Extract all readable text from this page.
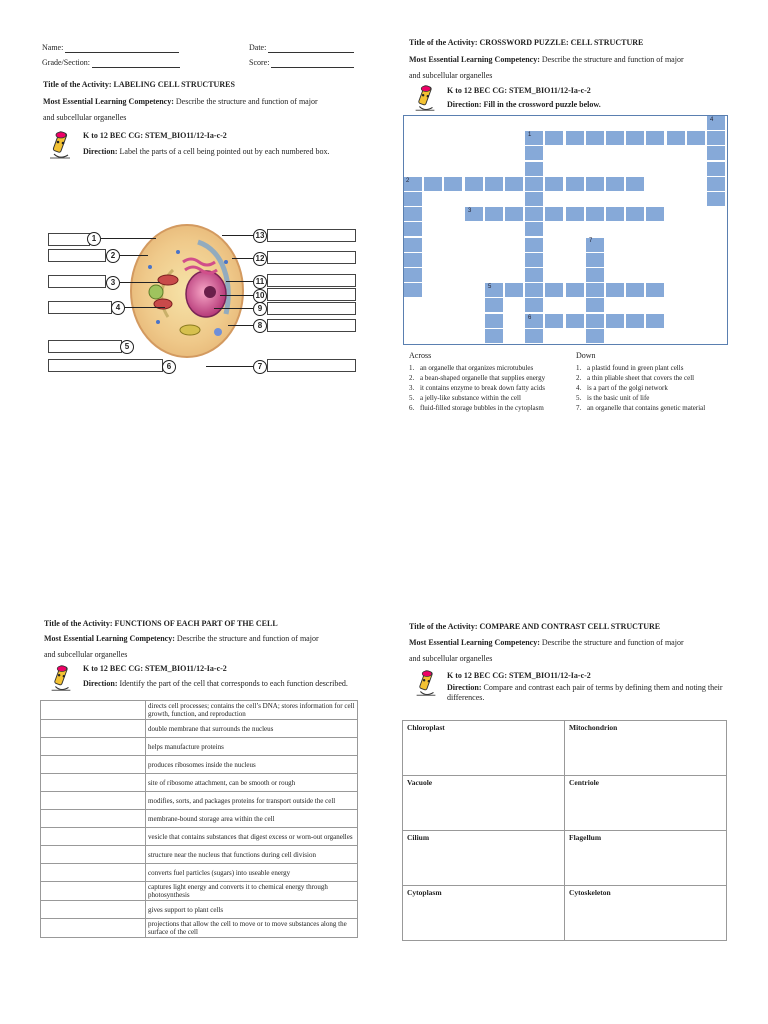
Name:	Date:
Grade/Section:	Score:
Title of the Activity: LABELING CELL STRUCTURES
Most Essential Learning Competency: Describe the structure and function of major
and subcellular organelles
K to 12 BEC CG: STEM_BIO11/12-Ia-c-2
Direction: Label the parts of a cell being pointed out by each numbered box.
1
2
3
4
5
6
13
12
11
10
9
8
7
Title of the Activity: CROSSWORD PUZZLE: CELL STRUCTURE
Most Essential Learning Competency: Describe the structure and function of major
and subcellular organelles
K to 12 BEC CG: STEM_BIO11/12-Ia-c-2
Direction: Fill in the crossword puzzle below.
1
2
3
4
5
6
7
Across
1. an organelle that organizes microtubules
2. a bean-shaped organelle that supplies energy
3. it contains enzyme to break down fatty acids
5. a jelly-like substance within the cell
6. fluid-filled storage bubbles in the cytoplasm
Down
1. a plastid found in green plant cells
2. a thin pliable sheet that covers the cell
4. is a part of the golgi network
5. is the basic unit of life
7. an organelle that contains genetic material
Title of the Activity: FUNCTIONS OF EACH PART OF THE CELL
Most Essential Learning Competency: Describe the structure and function of major
and subcellular organelles
K to 12 BEC CG: STEM_BIO11/12-Ia-c-2
Direction: Identify the part of the cell that corresponds to each function described.
	directs cell processes; contains the cell’s DNA; stores information for cell growth, function, and reproduction
	double membrane that surrounds the nucleus
	helps manufacture proteins
	produces ribosomes inside the nucleus
	site of ribosome attachment, can be smooth or rough
	modifies, sorts, and packages proteins for transport outside the cell
	membrane-bound storage area within the cell
	vesicle that contains substances that digest excess or worn-out organelles
	structure near the nucleus that functions during cell division
	converts fuel particles (sugars) into useable energy
	captures light energy and converts it to chemical energy through photosynthesis
	gives support to plant cells
	projections that allow the cell to move or to move substances along the surface of the cell
Title of the Activity: COMPARE AND CONTRAST CELL STRUCTURE
Most Essential Learning Competency: Describe the structure and function of major
and subcellular organelles
K to 12 BEC CG: STEM_BIO11/12-Ia-c-2
Direction: Compare and contrast each pair of terms by defining them and noting their differences.
Chloroplast	Mitochondrion
Vacuole	Centriole
Cilium	Flagellum
Cytoplasm	Cytoskeleton
